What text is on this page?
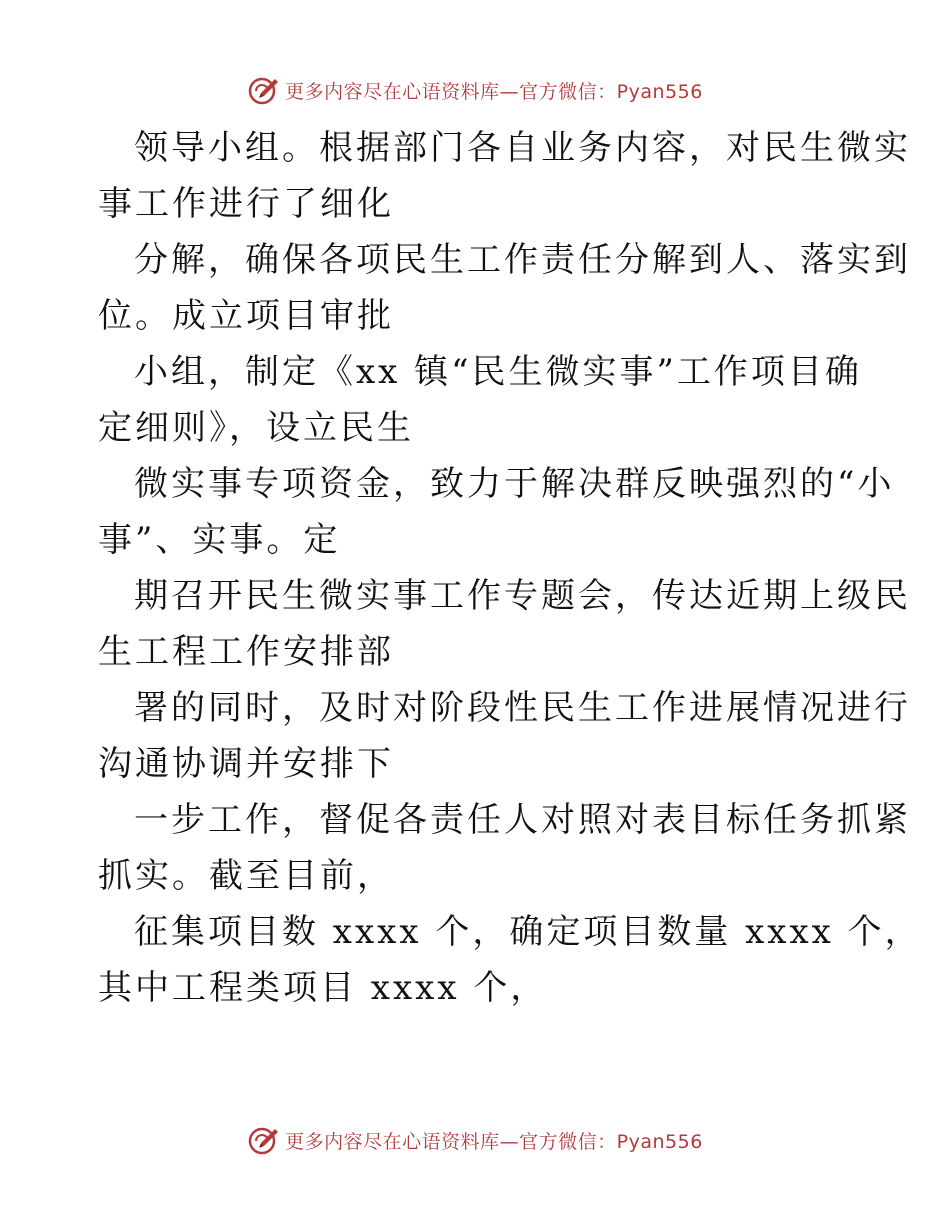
更多内容尽在心语资料库—官方微信：Pyan556
领导小组。根据部门各自业务内容，对民生微实
事工作进行了细化
分解，确保各项民生工作责任分解到人、落实到
位。成立项目审批
小组，制定《xx 镇“民生微实事”工作项目确
定细则》，设立民生
微实事专项资金，致力于解决群反映强烈的“小
事”、实事。定
期召开民生微实事工作专题会，传达近期上级民
生工程工作安排部
署的同时，及时对阶段性民生工作进展情况进行
沟通协调并安排下
一步工作，督促各责任人对照对表目标任务抓紧
抓实。截至目前，
征集项目数 xxxx 个，确定项目数量 xxxx 个，
其中工程类项目 xxxx 个，
更多内容尽在心语资料库—官方微信：Pyan556
